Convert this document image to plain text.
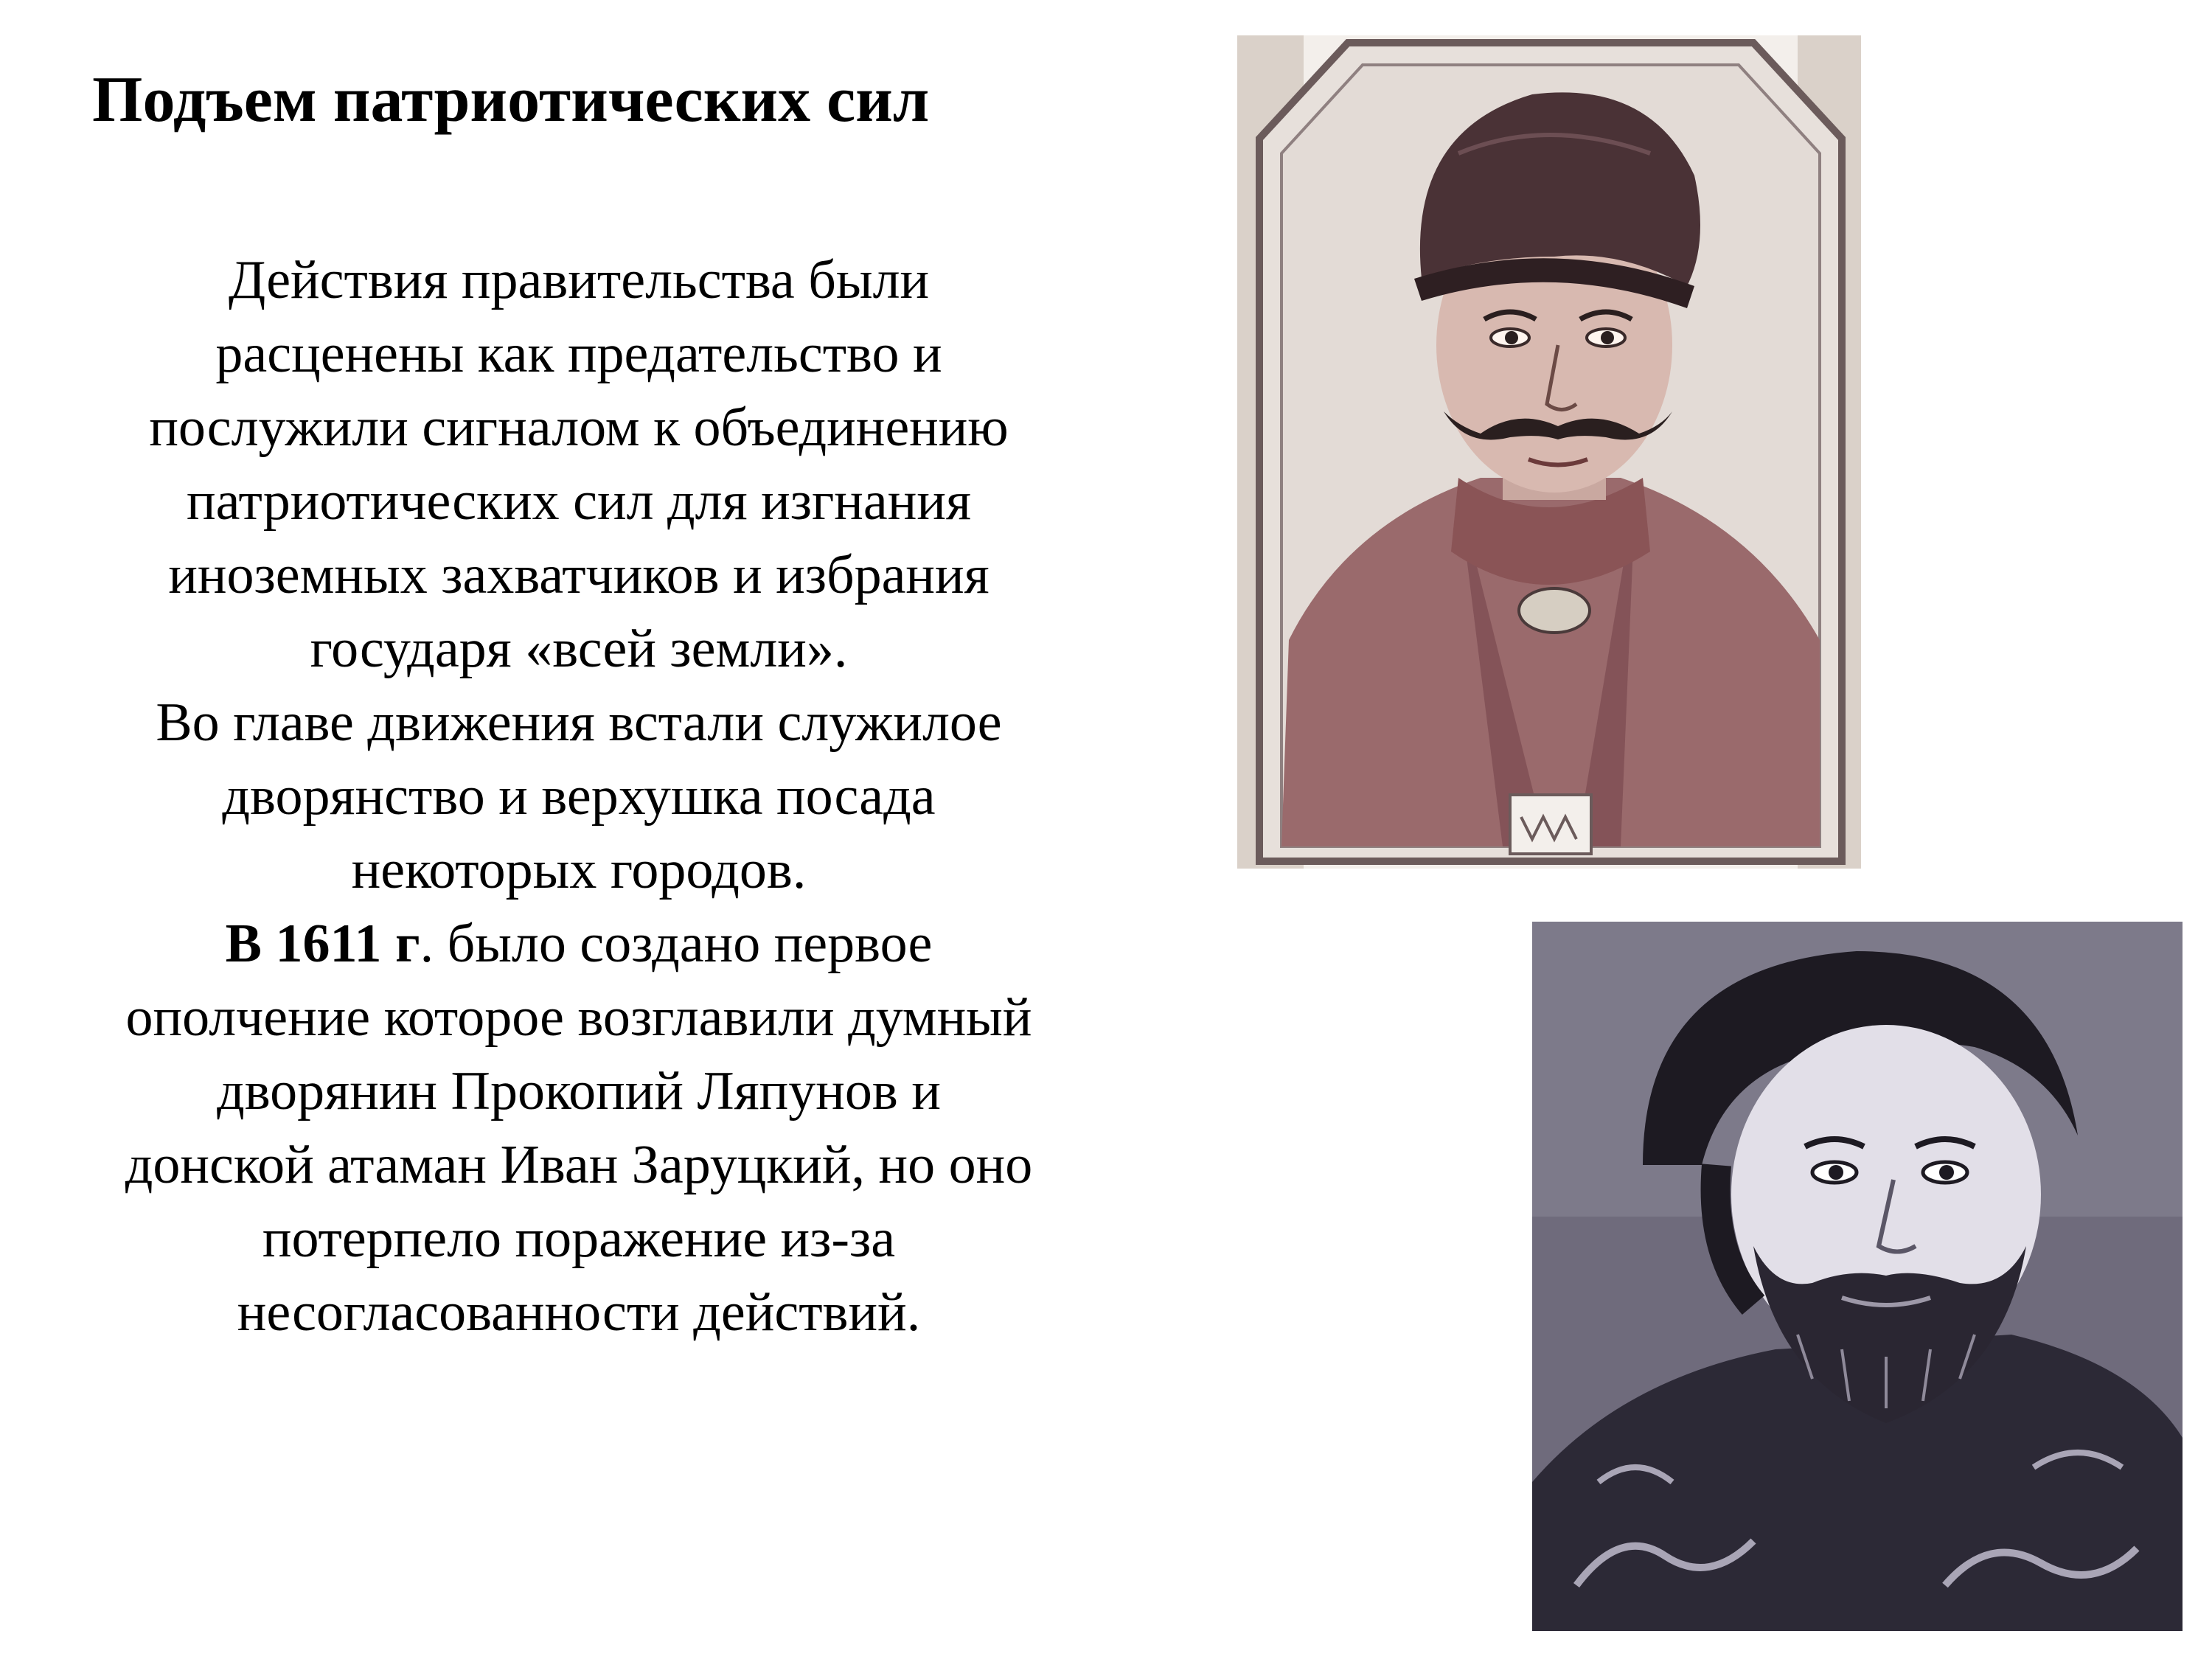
Подъем патриотических сил

Действия правительства были расценены как предательство и послужили сигналом к объединению патриотических сил для изгнания иноземных захватчиков и избрания государя «всей земли».

Во главе движения встали служилое дворянство и верхушка посада некоторых городов.

В 1611 г. было создано первое ополчение которое возглавили думный дворянин Прокопий Ляпунов и донской атаман Иван Заруцкий, но оно потерпело поражение из-за несогласованности действий.
